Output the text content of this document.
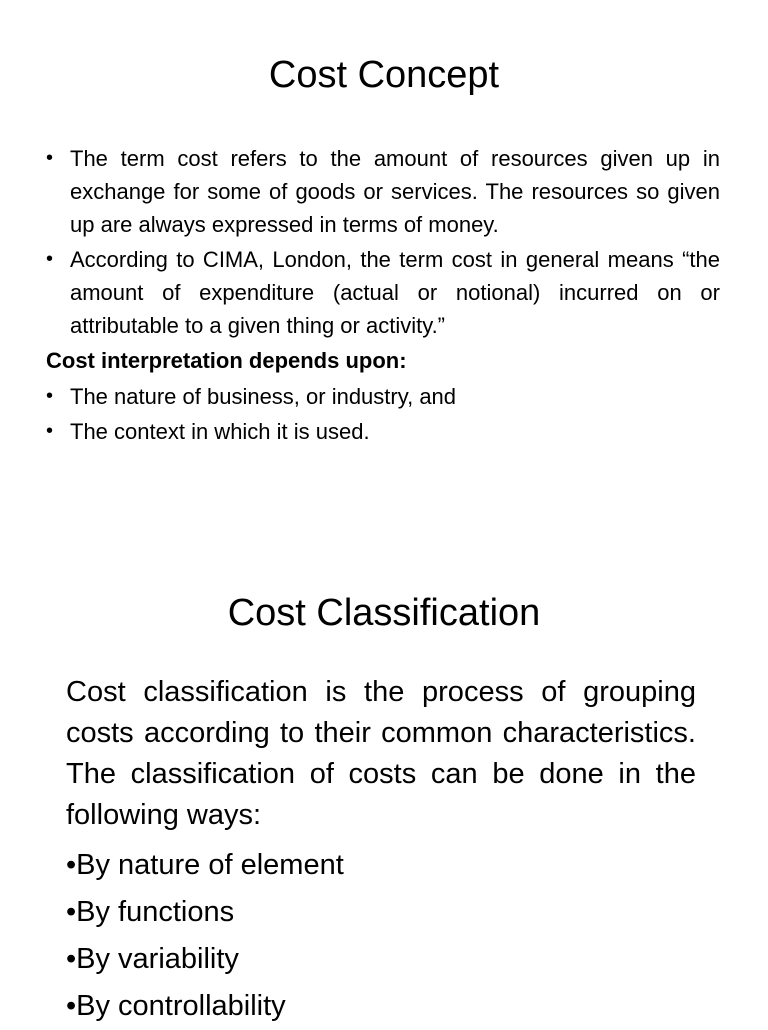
Cost Concept
• The term cost refers to the amount of resources given up in exchange for some of goods or services. The resources so given up are always expressed in terms of money.
• According to CIMA, London, the term cost in general means “the amount of expenditure (actual or notional) incurred on or attributable to a given thing or activity.”
Cost interpretation depends upon:
• The nature of business, or industry, and
• The context in which it is used.
Cost Classification

Cost classification is the process of grouping costs according to their common characteristics. The classification of costs can be done in the following ways:

•By nature of element
•By functions
•By variability
•By controllability
